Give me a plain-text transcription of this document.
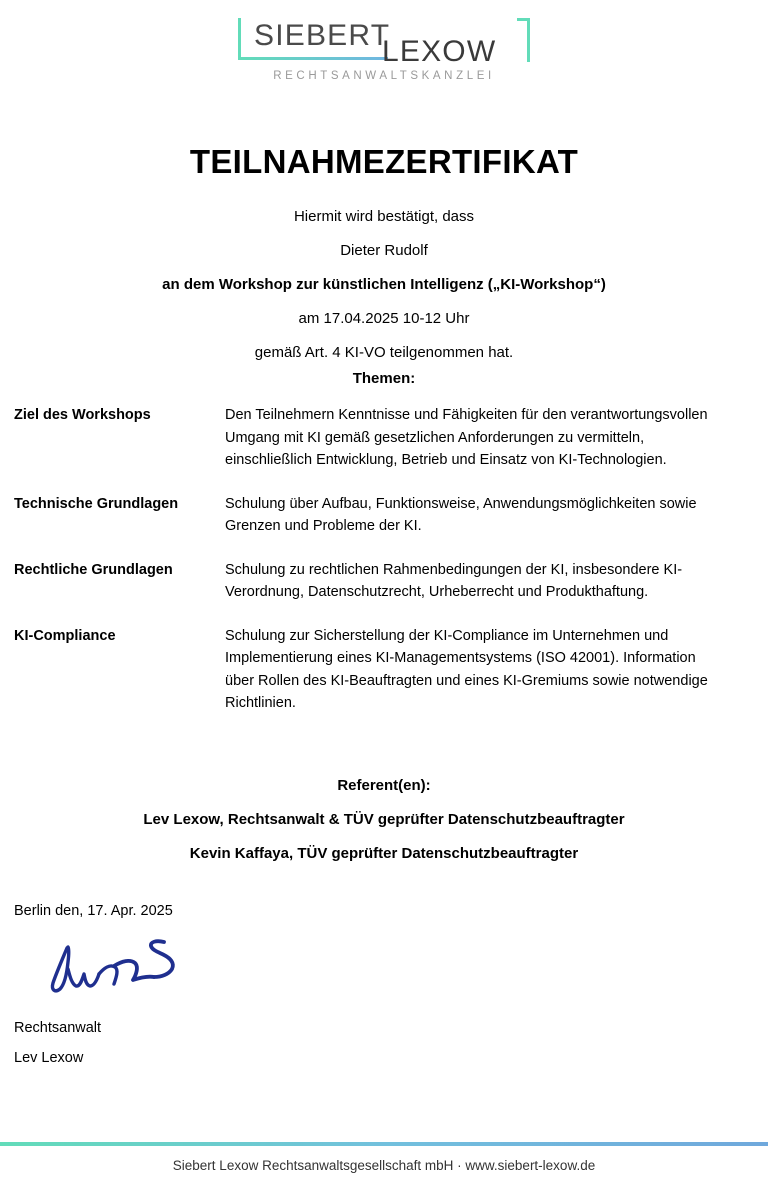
SIEBERT
LEXOW
RECHTSANWALTSKANZLEI
TEILNAHMEZERTIFIKAT
Hiermit wird bestätigt, dass
Dieter Rudolf
an dem Workshop zur künstlichen Intelligenz („KI-Workshop“)
am 17.04.2025 10-12 Uhr
gemäß Art. 4 KI-VO teilgenommen hat.
Themen:
Ziel des Workshops	Den Teilnehmern Kenntnisse und Fähigkeiten für den verantwortungsvollen Umgang mit KI gemäß gesetzlichen Anforderungen zu vermitteln, einschließlich Entwicklung, Betrieb und Einsatz von KI-Technologien.
Technische Grundlagen	Schulung über Aufbau, Funktionsweise, Anwendungsmöglichkeiten sowie Grenzen und Probleme der KI.
Rechtliche Grundlagen	Schulung zu rechtlichen Rahmenbedingungen der KI, insbesondere KI-Verordnung, Datenschutzrecht, Urheberrecht und Produkthaftung.
KI-Compliance	Schulung zur Sicherstellung der KI-Compliance im Unternehmen und Implementierung eines KI-Managementsystems (ISO 42001). Information über Rollen des KI-Beauftragten und eines KI-Gremiums sowie notwendige Richtlinien.
Referent(en):
Lev Lexow, Rechtsanwalt & TÜV geprüfter Datenschutzbeauftragter
Kevin Kaffaya, TÜV geprüfter Datenschutzbeauftragter
Berlin den, 17. Apr. 2025
Rechtsanwalt
Lev Lexow
Siebert Lexow Rechtsanwaltsgesellschaft mbH · www.siebert-lexow.de
